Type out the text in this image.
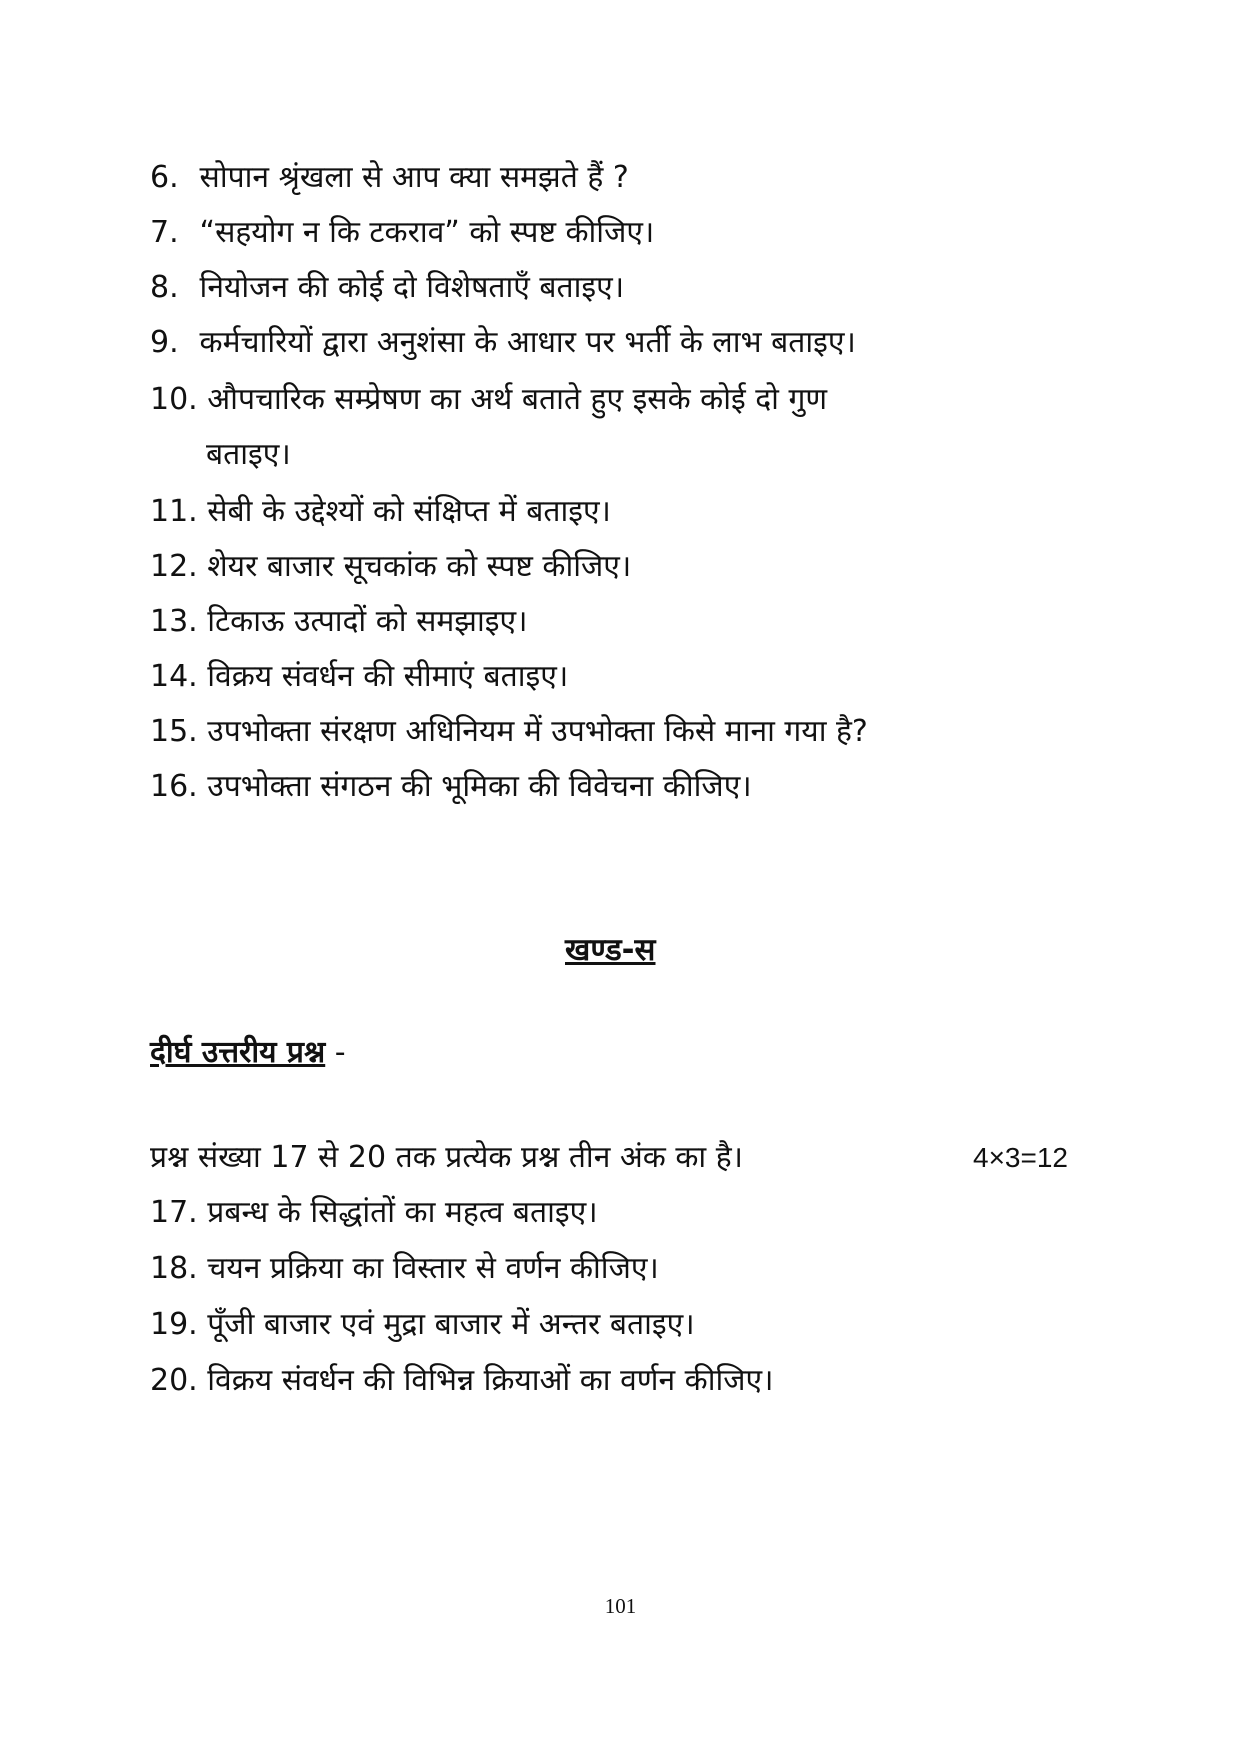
6. सोपान श्रृंखला से आप क्या समझते हैं ?
7. “सहयोग न कि टकराव” को स्पष्ट कीजिए।
8. नियोजन की कोई दो विशेषताएँ बताइए।
9. कर्मचारियों द्वारा अनुशंसा के आधार पर भर्ती के लाभ बताइए।
10. औपचारिक सम्प्रेषण का अर्थ बताते हुए इसके कोई दो गुण
बताइए।
11. सेबी के उद्देश्यों को संक्षिप्त में बताइए।
12. शेयर बाजार सूचकांक को स्पष्ट कीजिए।
13. टिकाऊ उत्पादों को समझाइए।
14. विक्रय संवर्धन की सीमाएं बताइए।
15. उपभोक्ता संरक्षण अधिनियम में उपभोक्ता किसे माना गया है?
16. उपभोक्ता संगठन की भूमिका की विवेचना कीजिए।
खण्ड-स
दीर्घ उत्तरीय प्रश्न -
प्रश्न संख्या 17 से 20 तक प्रत्येक प्रश्न तीन अंक का है।	4×3=12
17. प्रबन्ध के सिद्धांतों का महत्व बताइए।
18. चयन प्रक्रिया का विस्तार से वर्णन कीजिए।
19. पूँजी बाजार एवं मुद्रा बाजार में अन्तर बताइए।
20. विक्रय संवर्धन की विभिन्न क्रियाओं का वर्णन कीजिए।
101
